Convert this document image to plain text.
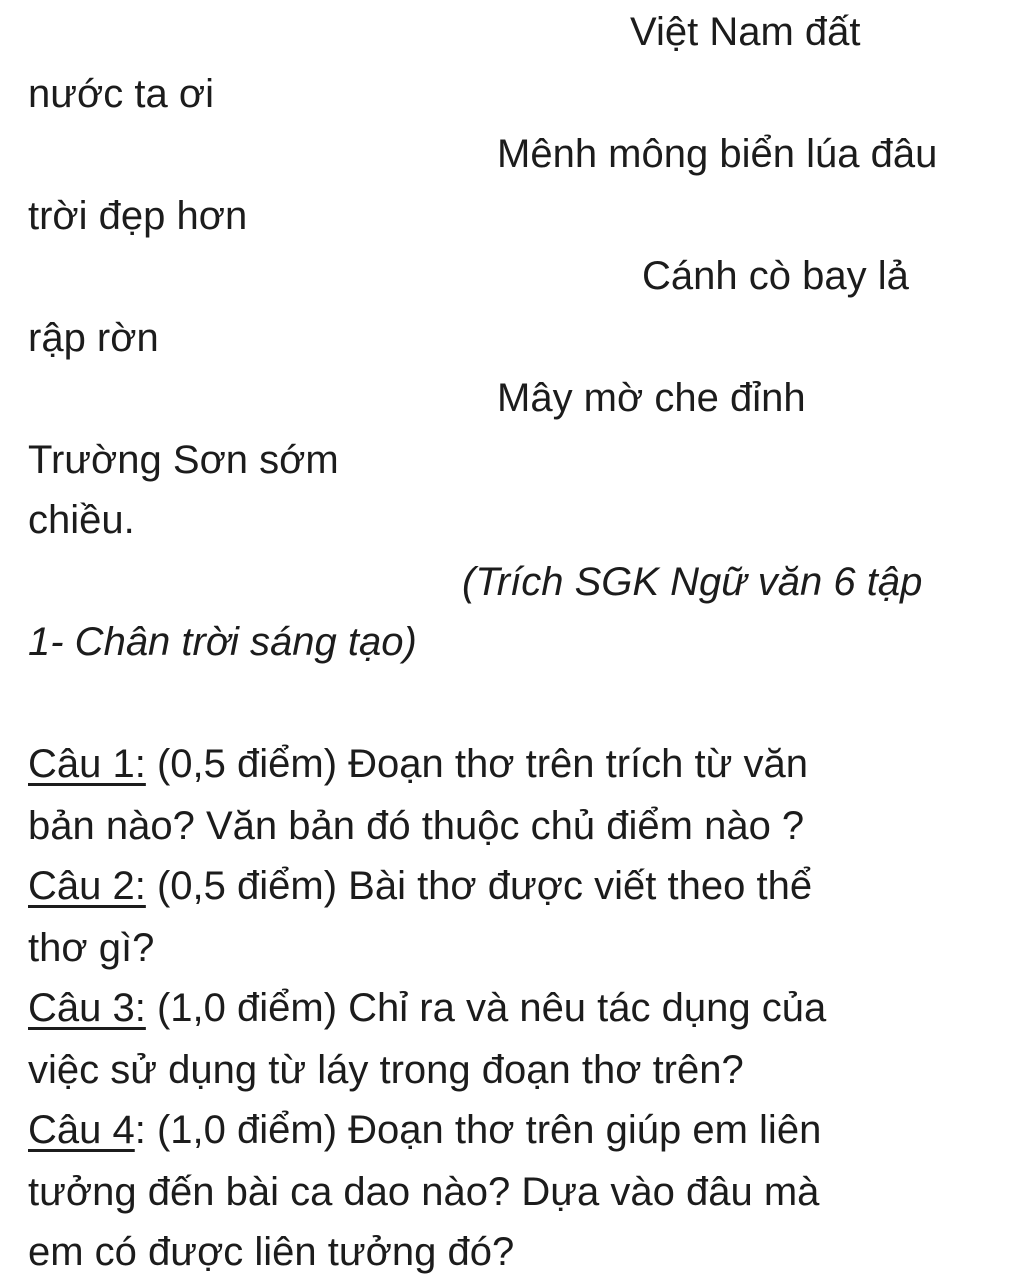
Việt Nam đất

nước ta ơi

Mênh mông biển lúa đâu

trời đẹp hơn

Cánh cò bay lả

rập rờn

Mây mờ che đỉnh

Trường Sơn sớm

chiều.

(Trích SGK Ngữ văn 6 tập

1- Chân trời sáng tạo)

Câu 1: (0,5 điểm) Đoạn thơ trên trích từ văn

bản nào? Văn bản đó thuộc chủ điểm nào ?

Câu 2: (0,5 điểm) Bài thơ được viết theo thể

thơ gì?

Câu 3: (1,0 điểm) Chỉ ra và nêu tác dụng của

việc sử dụng từ láy trong đoạn thơ trên?

Câu 4: (1,0 điểm) Đoạn thơ trên giúp em liên

tưởng đến bài ca dao nào? Dựa vào đâu mà

em có được liên tưởng đó?
